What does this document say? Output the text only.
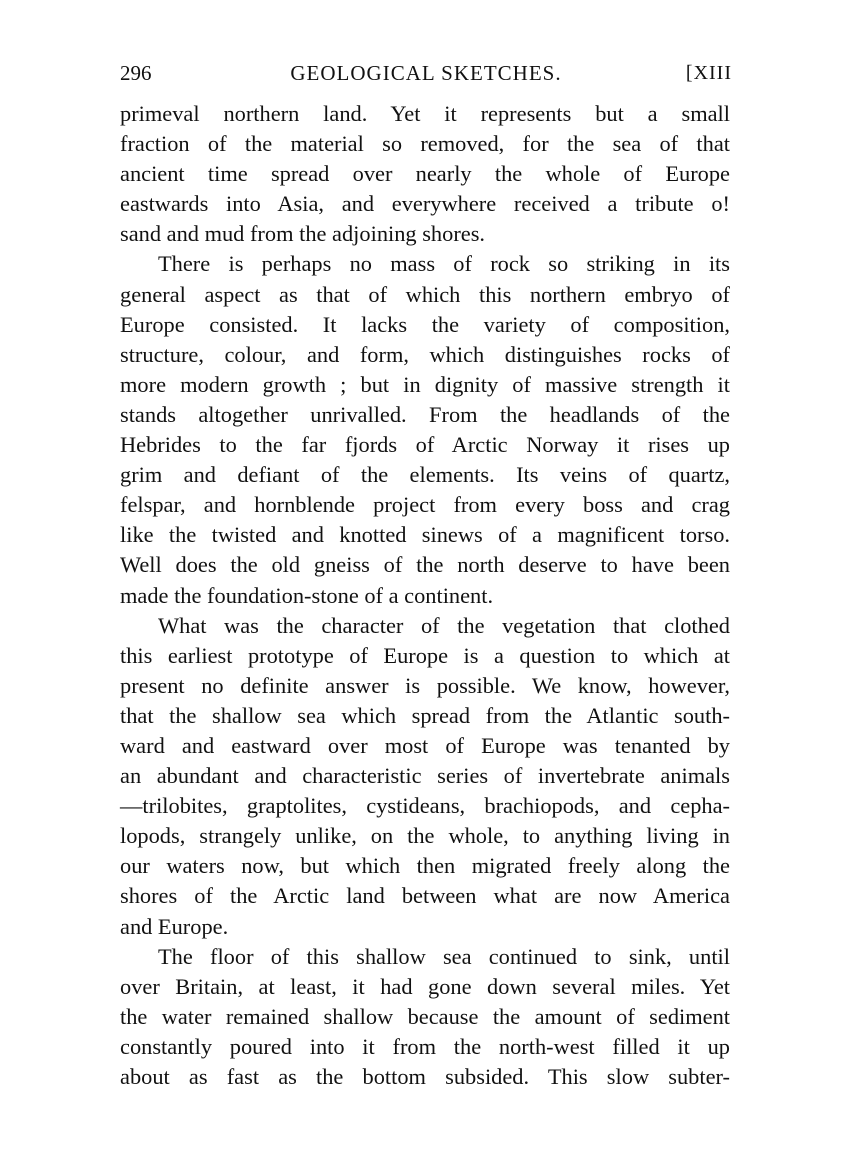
296	GEOLOGICAL SKETCHES.	[XIII
primeval northern land. Yet it represents but a small
fraction of the material so removed, for the sea of that
ancient time spread over nearly the whole of Europe
eastwards into Asia, and everywhere received a tribute o!
sand and mud from the adjoining shores.
There is perhaps no mass of rock so striking in its
general aspect as that of which this northern embryo of
Europe consisted. It lacks the variety of composition,
structure, colour, and form, which distinguishes rocks of
more modern growth ; but in dignity of massive strength it
stands altogether unrivalled. From the headlands of the
Hebrides to the far fjords of Arctic Norway it rises up
grim and defiant of the elements. Its veins of quartz,
felspar, and hornblende project from every boss and crag
like the twisted and knotted sinews of a magnificent torso.
Well does the old gneiss of the north deserve to have been
made the foundation-stone of a continent.
What was the character of the vegetation that clothed
this earliest prototype of Europe is a question to which at
present no definite answer is possible. We know, however,
that the shallow sea which spread from the Atlantic south-
ward and eastward over most of Europe was tenanted by
an abundant and characteristic series of invertebrate animals
—trilobites, graptolites, cystideans, brachiopods, and cepha-
lopods, strangely unlike, on the whole, to anything living in
our waters now, but which then migrated freely along the
shores of the Arctic land between what are now America
and Europe.
The floor of this shallow sea continued to sink, until
over Britain, at least, it had gone down several miles. Yet
the water remained shallow because the amount of sediment
constantly poured into it from the north-west filled it up
about as fast as the bottom subsided. This slow subter-
